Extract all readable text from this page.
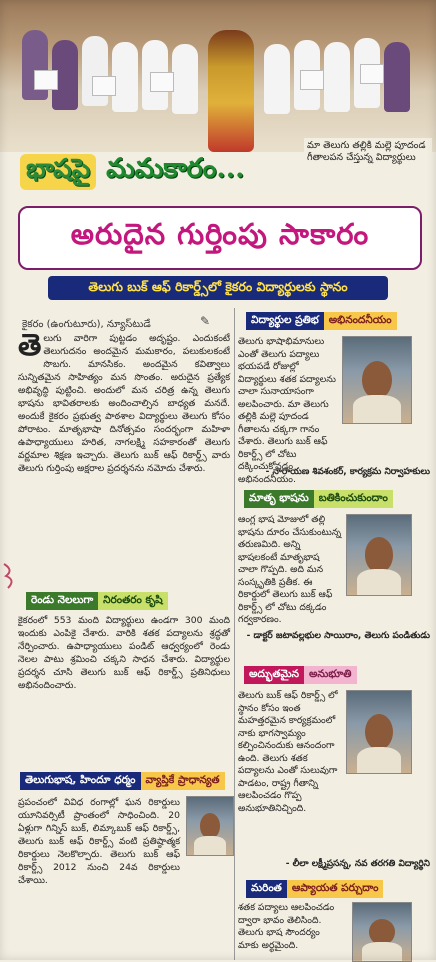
మా తెలుగు తల్లికి మల్లె పూదండ గీతాలపన చేస్తున్న విద్యార్థులు
భాషపై మమకారం...
అరుదైన గుర్తింపు సాకారం
తెలుగు బుక్ ఆఫ్ రికార్డ్స్‌లో కైకరం విద్యార్థులకు స్థానం
కైకరం (ఉంగుటూరు), న్యూస్‌టుడే	✎

తెలుగు వారిగా పుట్టడం అదృష్టం. ఎందుకంటే తెలుగుదనం అందమైన మమకారం, పలుకులకంటే సొబగు. మానసికం. అందమైన కవిత్వాలు సున్నితమైన సాహిత్యం మన సొంతం. అరుదైన ప్రత్యేక అభివృద్ధి పుట్టించి. అందులో మన చరిత్ర ఉన్న తెలుగు భాషను భావితరాలకు అందించాల్సిన బాధ్యత మనదే. అందుకే కైకరం ప్రభుత్వ పాఠశాల విద్యార్థులు తెలుగు కోసం పోరాటం. మాతృభాషా దినోత్సవం సందర్భంగా మహిళా ఉపాధ్యాయులు హరిత, నాగలక్ష్మి సహకారంతో తెలుగు వర్ణమాల శిక్షణ ఇచ్చారు. తెలుగు బుక్ ఆఫ్ రికార్డ్స్ వారు తెలుగు గుర్తింపు అక్షరాల ప్రదర్శనను నమోదు చేశారు.

రెండు నెలలుగా నిరంతరం కృషి

కైకరంలో 553 మంది విద్యార్థులు ఉండగా 300 మంది ఇందుకు ఎంపికై చేశారు. వారికి శతక పద్యాలను శ్రద్ధతో నేర్పించారు. ఉపాధ్యాయులు పండిట్ ఆధ్వర్యంలో రెండు నెలల పాటు శ్రమించి చక్కని సాధన చేశారు. విద్యార్థుల ప్రదర్శన చూసి తెలుగు బుక్ ఆఫ్ రికార్డ్స్ ప్రతినిధులు అభినందించారు.

తెలుగుభాష, హిందూ ధర్మం వ్యాప్తికే ప్రాధాన్యత

ప్రపంచంలో వివిధ రంగాల్లో ఘన రికార్డులు యూనివర్సిటీ ప్రాంతంలో సాధించింది. 20 ఏళ్లుగా గిన్నిస్ బుక్, లిమ్కాబుక్ ఆఫ్ రికార్డ్స్, తెలుగు బుక్ ఆఫ్ రికార్డ్స్ వంటి ప్రతిష్ఠాత్మక రికార్డులు నెలకొల్పారు. తెలుగు బుక్ ఆఫ్ రికార్డ్స్ 2012 నుంచి 24వ రికార్డులు చేశాయి.

విద్యార్థుల ప్రతిభ అభినందనీయం
తెలుగు భాషాభిమానులు ఎంతో తెలుగు పద్యాలు భయపడే రోజుల్లో విద్యార్థులు శతక పద్యాలను చాలా సునాయాసంగా అలపించారు. మా తెలుగు తల్లికి మల్లె పూదండ గీతాలను చక్కగా గానం చేశారు. తెలుగు బుక్ ఆఫ్ రికార్డ్స్ లో చోటు దక్కించుకోవడం అభినందనీయం.
- నారాయణ శివశంకర్, కార్యక్రమ నిర్వాహకులు
మాతృ భాషను బతికించుకుందాం
ఆంగ్ల భాష మోజులో తల్లి భాషను దూరం చేసుకుంటున్న తరుణమిది. అన్ని భాషలకంటే మాతృభాష చాలా గొప్పది. అది మన సంస్కృతికి ప్రతీక. ఈ రికార్డులో తెలుగు బుక్ ఆఫ్ రికార్డ్స్ లో చోటు దక్కడం గర్వకారణం.
- డాక్టర్ జటావల్లభుల సాయిరాం, తెలుగు పండితుడు
అద్భుతమైన అనుభూతి
తెలుగు బుక్ ఆఫ్ రికార్డ్స్ లో స్థానం కోసం ఇంత మహత్తరమైన కార్యక్రమంలో నాకు భాగస్వామ్యం కల్పించినందుకు ఆనందంగా ఉంది. తెలుగు శతక పద్యాలను ఎంతో సులువుగా పాడటం, రాష్ట్ర గీతాన్ని ఆలపించడం గొప్ప అనుభూతినిచ్చింది.
- లీలా లక్ష్మీప్రసన్న, నవ తరగతి విద్యార్థిని
మరింత ఆప్యాయత పర్చుదాం
శతక పద్యాలు ఆలపించడం ద్వారా భావం తెలిసింది. తెలుగు భాష సౌందర్యం మాకు అర్థమైంది.
